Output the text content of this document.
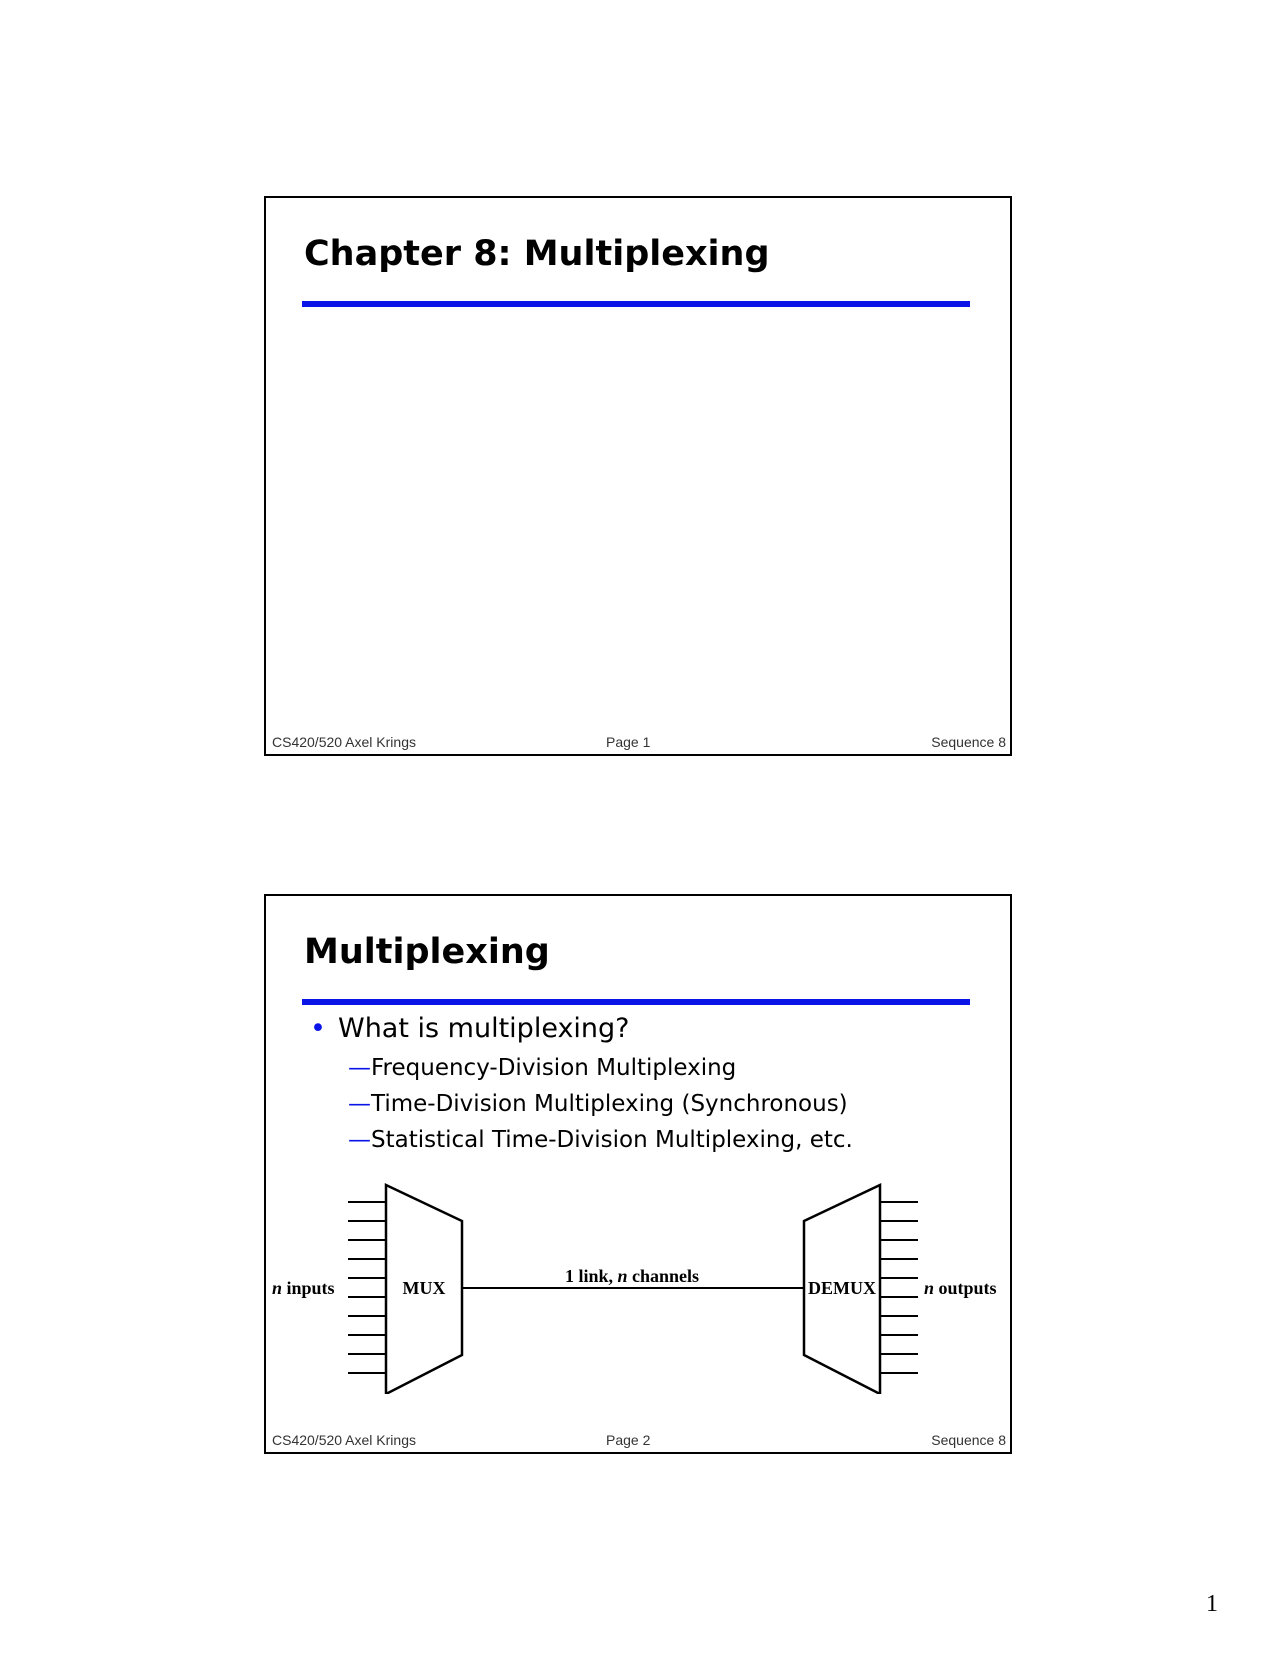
Chapter 8: Multiplexing
CS420/520 Axel Krings	Page 1	Sequence 8
Multiplexing
• What is multiplexing?
—Frequency-Division Multiplexing
—Time-Division Multiplexing (Synchronous)
—Statistical Time-Division Multiplexing, etc.
n inputs	MUX
1 link, n channels
DEMUX	n outputs
CS420/520 Axel Krings	Page 2	Sequence 8
1
